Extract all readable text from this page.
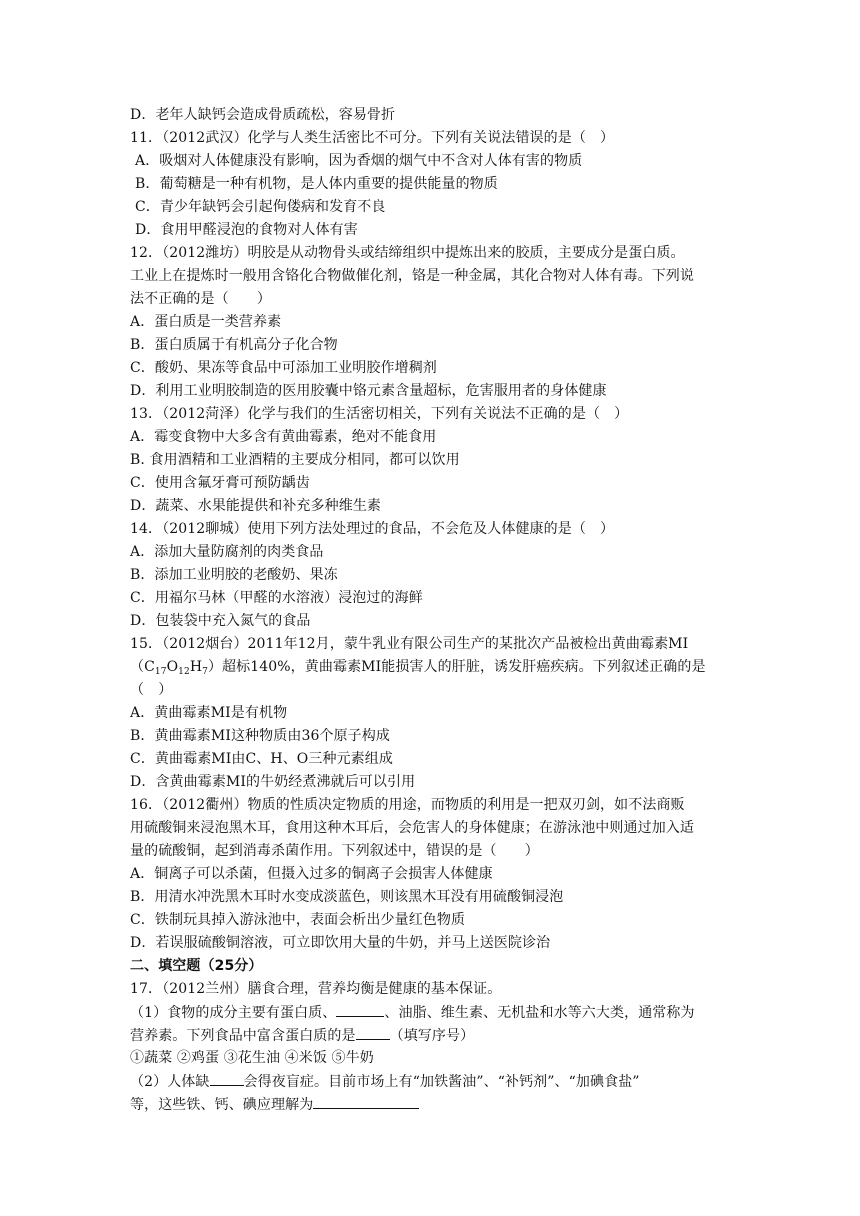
D．老年人缺钙会造成骨质疏松，容易骨折
11．（2012武汉）化学与人类生活密比不可分。下列有关说法错误的是（　）
A．吸烟对人体健康没有影响，因为香烟的烟气中不含对人体有害的物质
B．葡萄糖是一种有机物，是人体内重要的提供能量的物质
C．青少年缺钙会引起佝偻病和发育不良
D．食用甲醛浸泡的食物对人体有害
12．（2012潍坊）明胶是从动物骨头或结缔组织中提炼出来的胶质，主要成分是蛋白质。
工业上在提炼时一般用含铬化合物做催化剂，铬是一种金属，其化合物对人体有毒。下列说
法不正确的是（　　）
A．蛋白质是一类营养素
B．蛋白质属于有机高分子化合物
C．酸奶、果冻等食品中可添加工业明胶作增稠剂
D．利用工业明胶制造的医用胶囊中铬元素含量超标，危害服用者的身体健康
13．（2012菏泽）化学与我们的生活密切相关，下列有关说法不正确的是（　）
A．霉变食物中大多含有黄曲霉素，绝对不能食用
B. 食用酒精和工业酒精的主要成分相同，都可以饮用
C．使用含氟牙膏可预防龋齿
D．蔬菜、水果能提供和补充多种维生素
14．（2012聊城）使用下列方法处理过的食品，不会危及人体健康的是（　）
A．添加大量防腐剂的肉类食品
B．添加工业明胶的老酸奶、果冻
C．用福尔马林（甲醛的水溶液）浸泡过的海鲜
D．包装袋中充入氮气的食品
15．（2012烟台）2011年12月，蒙牛乳业有限公司生产的某批次产品被检出黄曲霉素MI
$(C_{17}O_{12}H_7)$超标140%，黄曲霉素MI能损害人的肝脏，诱发肝癌疾病。下列叙述正确的是
（　）
A．黄曲霉素MI是有机物
B．黄曲霉素MI这种物质由36个原子构成
C．黄曲霉素MI由C、H、O三种元素组成
D．含黄曲霉素MI的牛奶经煮沸就后可以引用
16．（2012衢州）物质的性质决定物质的用途，而物质的利用是一把双刃剑，如不法商贩
用硫酸铜来浸泡黑木耳，食用这种木耳后，会危害人的身体健康；在游泳池中则通过加入适
量的硫酸铜，起到消毒杀菌作用。下列叙述中，错误的是（　　）
A．铜离子可以杀菌，但摄入过多的铜离子会损害人体健康
B．用清水冲洗黑木耳时水变成淡蓝色，则该黑木耳没有用硫酸铜浸泡
C．铁制玩具掉入游泳池中，表面会析出少量红色物质
D．若误服硫酸铜溶液，可立即饮用大量的牛奶，并马上送医院诊治
二、填空题（25分）
17．（2012兰州）膳食合理，营养均衡是健康的基本保证。
（1）食物的成分主要有蛋白质、	、油脂、维生素、无机盐和水等六大类，通常称为
营养素。下列食品中富含蛋白质的是 （填写序号）
①蔬菜 ②鸡蛋 ③花生油 ④米饭 ⑤牛奶
（2）人体缺 会得夜盲症。目前市场上有“加铁酱油”、“补钙剂”、“加碘食盐”
等，这些铁、钙、碘应理解为
